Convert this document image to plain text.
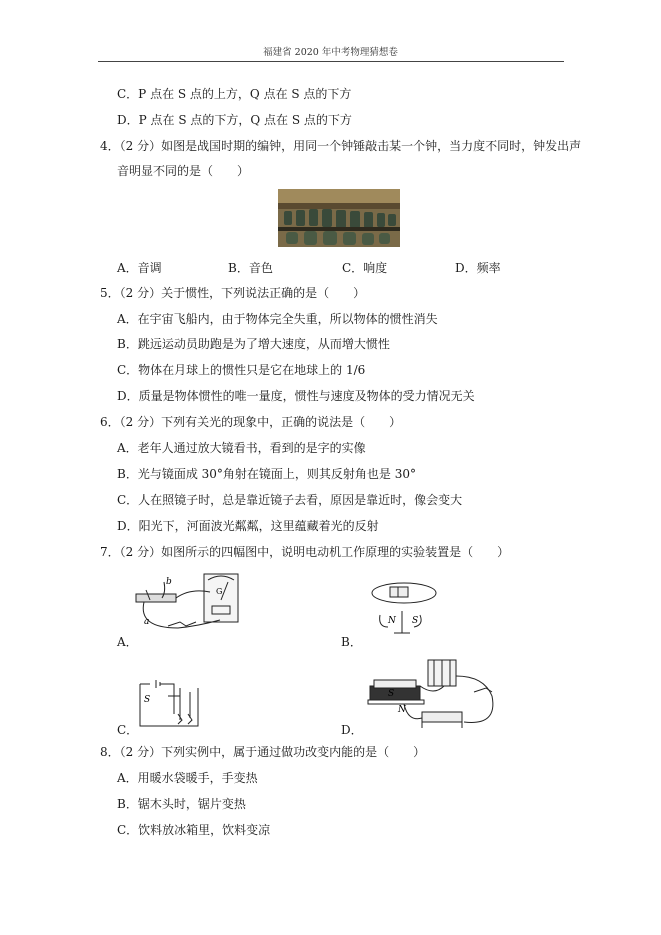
福建省 2020 年中考物理猜想卷
C．P 点在 S 点的上方，Q 点在 S 点的下方
D．P 点在 S 点的下方，Q 点在 S 点的下方
4．（2 分）如图是战国时期的编钟，用同一个钟锤敲击某一个钟，当力度不同时，钟发出声
音明显不同的是（　　）
A．音调	B．音色	C．响度	D．频率
5．（2 分）关于惯性，下列说法正确的是（　　）
A．在宇宙飞船内，由于物体完全失重，所以物体的惯性消失
B．跳远运动员助跑是为了增大速度，从而增大惯性
C．物体在月球上的惯性只是它在地球上的 1/6
D．质量是物体惯性的唯一量度，惯性与速度及物体的受力情况无关
6．（2 分）下列有关光的现象中，正确的说法是（　　）
A．老年人通过放大镜看书，看到的是字的实像
B．光与镜面成 30°角射在镜面上，则其反射角也是 30°
C．人在照镜子时，总是靠近镜子去看，原因是靠近时，像会变大
D．阳光下，河面波光粼粼，这里蕴藏着光的反射
7．（2 分）如图所示的四幅图中，说明电动机工作原理的实验装置是（　　）
a
b
G
A．
N S
B．
S
C．
S
N
D．
8．（2 分）下列实例中，属于通过做功改变内能的是（　　）
A．用暖水袋暖手，手变热
B．锯木头时，锯片变热
C．饮料放冰箱里，饮料变凉
